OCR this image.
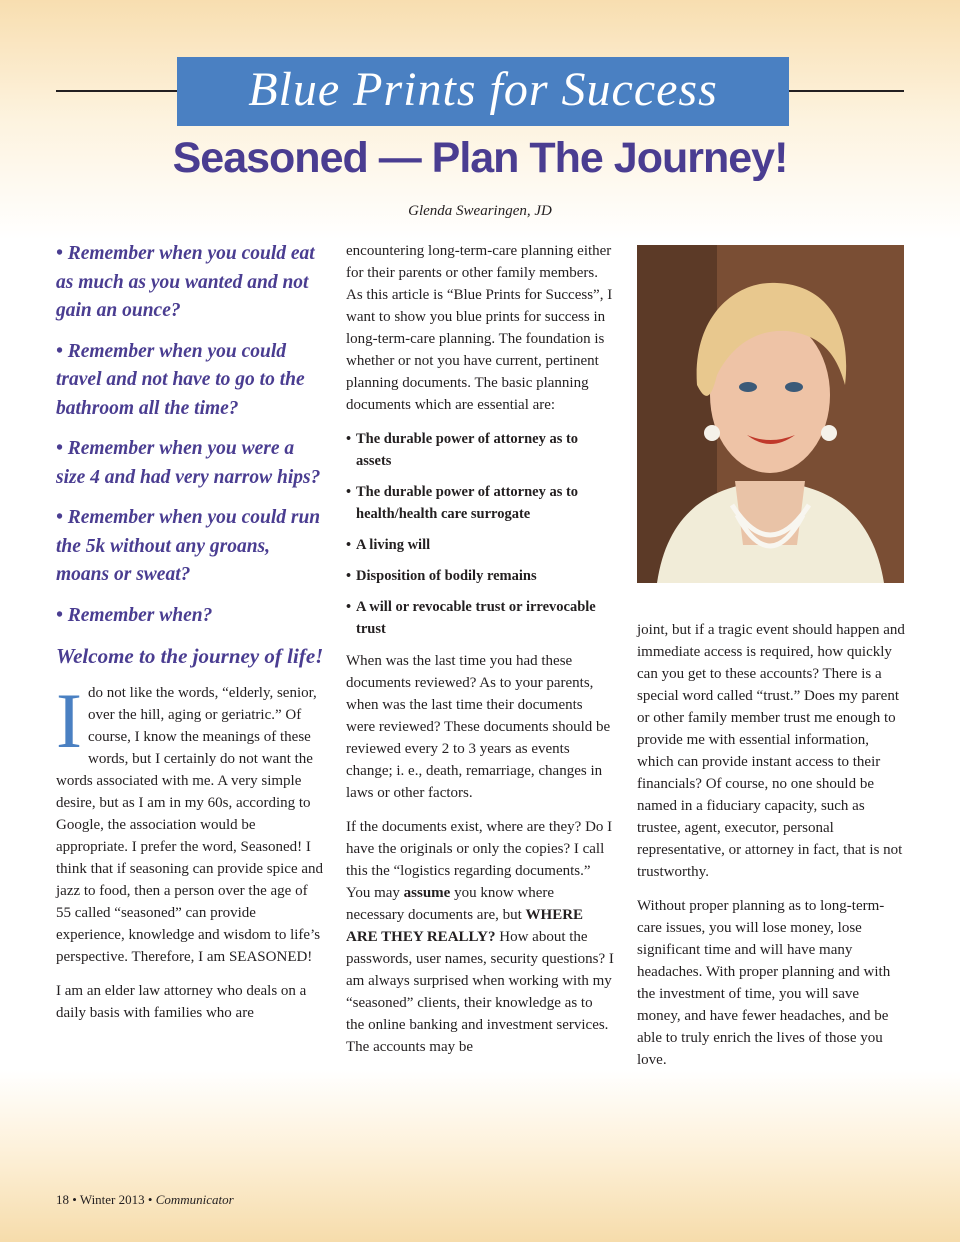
Blue Prints for Success
Seasoned — Plan The Journey!
Glenda Swearingen, JD

• Remember when you could eat as much as you wanted and not gain an ounce?

• Remember when you could travel and not have to go to the bathroom all the time?

• Remember when you were a size 4 and had very narrow hips?

• Remember when you could run the 5k without any groans, moans or sweat?

• Remember when?

Welcome to the journey of life!

Ido not like the words, “elderly, senior, over the hill, aging or geriatric.” Of course, I know the meanings of these words, but I certainly do not want the words associated with me. A very simple desire, but as I am in my 60s, according to Google, the association would be appropriate. I prefer the word, Seasoned! I think that if seasoning can provide spice and jazz to food, then a person over the age of 55 called “seasoned” can provide experience, knowledge and wisdom to life’s perspective. Therefore, I am SEASONED!

I am an elder law attorney who deals on a daily basis with families who are

encountering long-term-care planning either for their parents or other family members. As this article is “Blue Prints for Success”, I want to show you blue prints for success in long-term-care planning. The foundation is whether or not you have current, pertinent planning documents. The basic planning documents which are essential are:

• The durable power of attorney as to assets
• The durable power of attorney as to health/health care surrogate
• A living will
• Disposition of bodily remains
• A will or revocable trust or irrevocable trust

When was the last time you had these documents reviewed? As to your parents, when was the last time their documents were reviewed? These documents should be reviewed every 2 to 3 years as events change; i. e., death, remarriage, changes in laws or other factors.

If the documents exist, where are they? Do I have the originals or only the copies? I call this the “logistics regarding documents.” You may assume you know where necessary documents are, but WHERE ARE THEY REALLY? How about the passwords, user names, security questions? I am always surprised when working with my “seasoned” clients, their knowledge as to the online banking and investment services. The accounts may be

joint, but if a tragic event should happen and immediate access is required, how quickly can you get to these accounts? There is a special word called “trust.” Does my parent or other family member trust me enough to provide me with essential information, which can provide instant access to their financials? Of course, no one should be named in a fiduciary capacity, such as trustee, agent, executor, personal representative, or attorney in fact, that is not trustworthy.

Without proper planning as to long-term-care issues, you will lose money, lose significant time and will have many headaches. With proper planning and with the investment of time, you will save money, and have fewer headaches, and be able to truly enrich the lives of those you love.

18 • Winter 2013 • Communicator
